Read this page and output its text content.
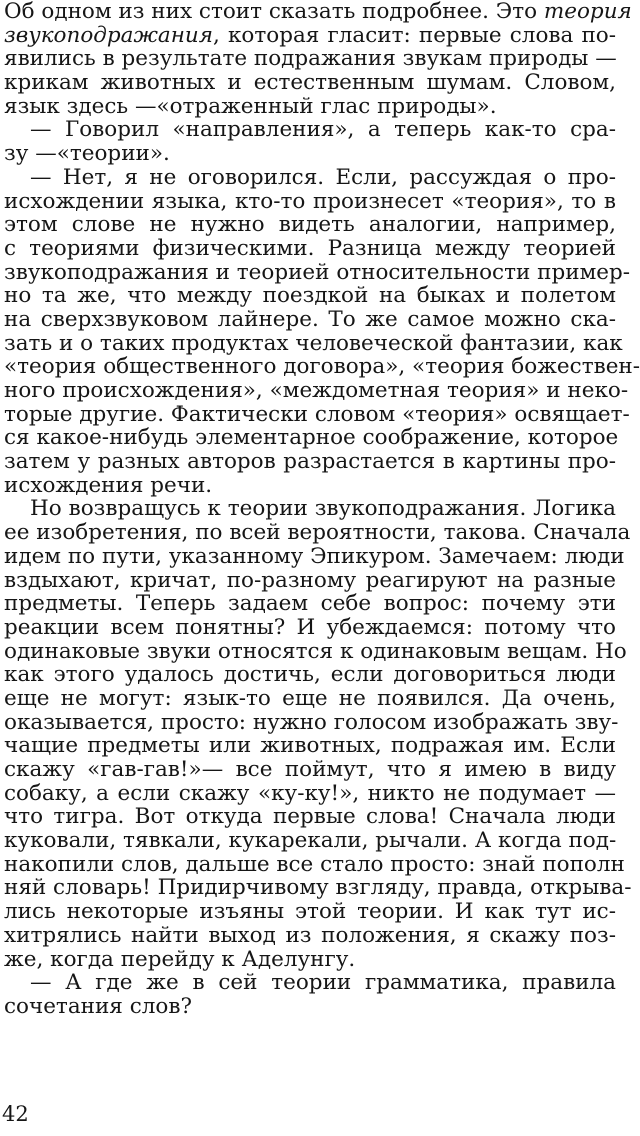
Об одном из них стоит сказать подробнее. Это теория
звукоподражания, которая гласит: первые слова по-
явились в результате подражания звукам природы —
крикам животных и естественным шумам. Словом,
язык здесь —«отраженный глас природы».
— Говорил «направления», а теперь как-то сра-
зу —«теории».
— Нет, я не оговорился. Если, рассуждая о про-
исхождении языка, кто-то произнесет «теория», то в
этом слове не нужно видеть аналогии, например,
с теориями физическими. Разница между теорией
звукоподражания и теорией относительности пример-
но та же, что между поездкой на быках и полетом
на сверхзвуковом лайнере. То же самое можно ска-
зать и о таких продуктах человеческой фантазии, как
«теория общественного договора», «теория божествен-
ного происхождения», «междометная теория» и неко-
торые другие. Фактически словом «теория» освящает-
ся какое-нибудь элементарное соображение, которое
затем у разных авторов разрастается в картины про-
исхождения речи.
Но возвращусь к теории звукоподражания. Логика
ее изобретения, по всей вероятности, такова. Сначала
идем по пути, указанному Эпикуром. Замечаем: люди
вздыхают, кричат, по-разному реагируют на разные
предметы. Теперь задаем себе вопрос: почему эти
реакции всем понятны? И убеждаемся: потому что
одинаковые звуки относятся к одинаковым вещам. Но
как этого удалось достичь, если договориться люди
еще не могут: язык-то еще не появился. Да очень,
оказывается, просто: нужно голосом изображать зву-
чащие предметы или животных, подражая им. Если
скажу «гав-гав!»— все поймут, что я имею в виду
собаку, а если скажу «ку-ку!», никто не подумает —
что тигра. Вот откуда первые слова! Сначала люди
куковали, тявкали, кукарекали, рычали. А когда под-
накопили слов, дальше все стало просто: знай пополн
няй словарь! Придирчивому взгляду, правда, открыва-
лись некоторые изъяны этой теории. И как тут ис-
хитрялись найти выход из положения, я скажу поз-
же, когда перейду к Аделунгу.
— А где же в сей теории грамматика, правила
сочетания слов?
42
